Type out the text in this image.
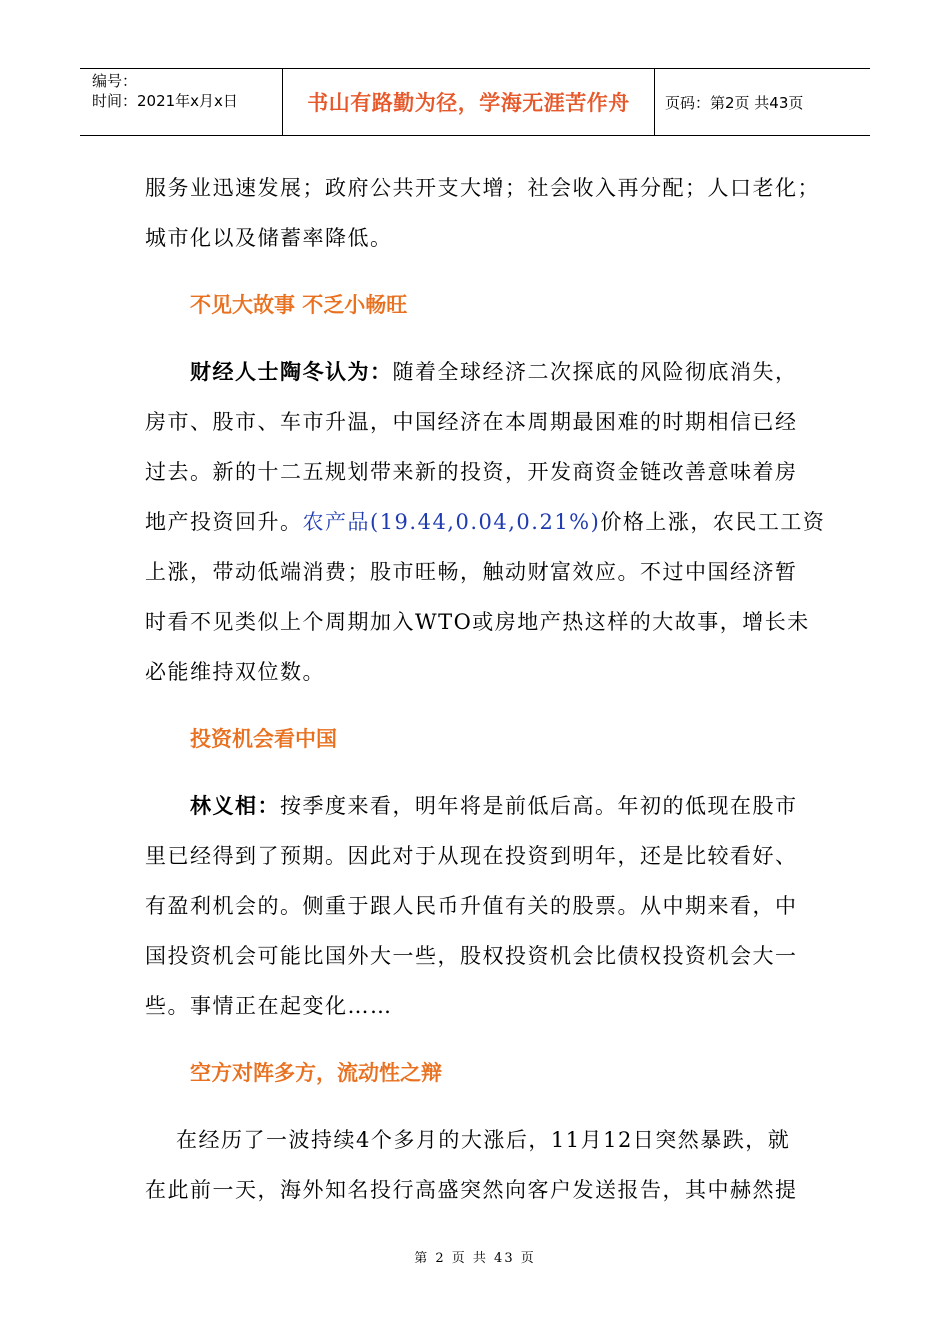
编号：
时间：2021年x月x日	书山有路勤为径，学海无涯苦作舟	页码：第2页 共43页
服务业迅速发展；政府公共开支大增；社会收入再分配；人口老化；
城市化以及储蓄率降低。
不见大故事 不乏小畅旺
财经人士陶冬认为：随着全球经济二次探底的风险彻底消失，
房市、股市、车市升温，中国经济在本周期最困难的时期相信已经
过去。新的十二五规划带来新的投资，开发商资金链改善意味着房
地产投资回升。农产品(19.44,0.04,0.21%)价格上涨，农民工工资
上涨，带动低端消费；股市旺畅，触动财富效应。不过中国经济暂
时看不见类似上个周期加入WTO或房地产热这样的大故事，增长未
必能维持双位数。
投资机会看中国
林义相：按季度来看，明年将是前低后高。年初的低现在股市
里已经得到了预期。因此对于从现在投资到明年，还是比较看好、
有盈利机会的。侧重于跟人民币升值有关的股票。从中期来看，中
国投资机会可能比国外大一些，股权投资机会比债权投资机会大一
些。事情正在起变化……
空方对阵多方，流动性之辩
在经历了一波持续4个多月的大涨后，11月12日突然暴跌，就
在此前一天，海外知名投行高盛突然向客户发送报告，其中赫然提
第 2 页 共 43 页
